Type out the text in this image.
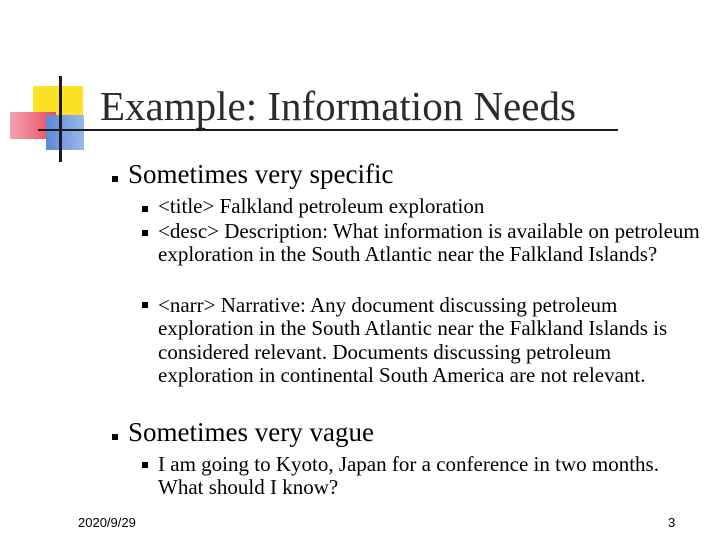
Example: Information Needs
Sometimes very specific
<title> Falkland petroleum exploration
<desc> Description: What information is available on petroleum exploration in the South Atlantic near the Falkland Islands?
<narr> Narrative: Any document discussing petroleum exploration in the South Atlantic near the Falkland Islands is considered relevant. Documents discussing petroleum exploration in continental South America are not relevant.
Sometimes very vague
I am going to Kyoto, Japan for a conference in two months. What should I know?
2020/9/29	3
